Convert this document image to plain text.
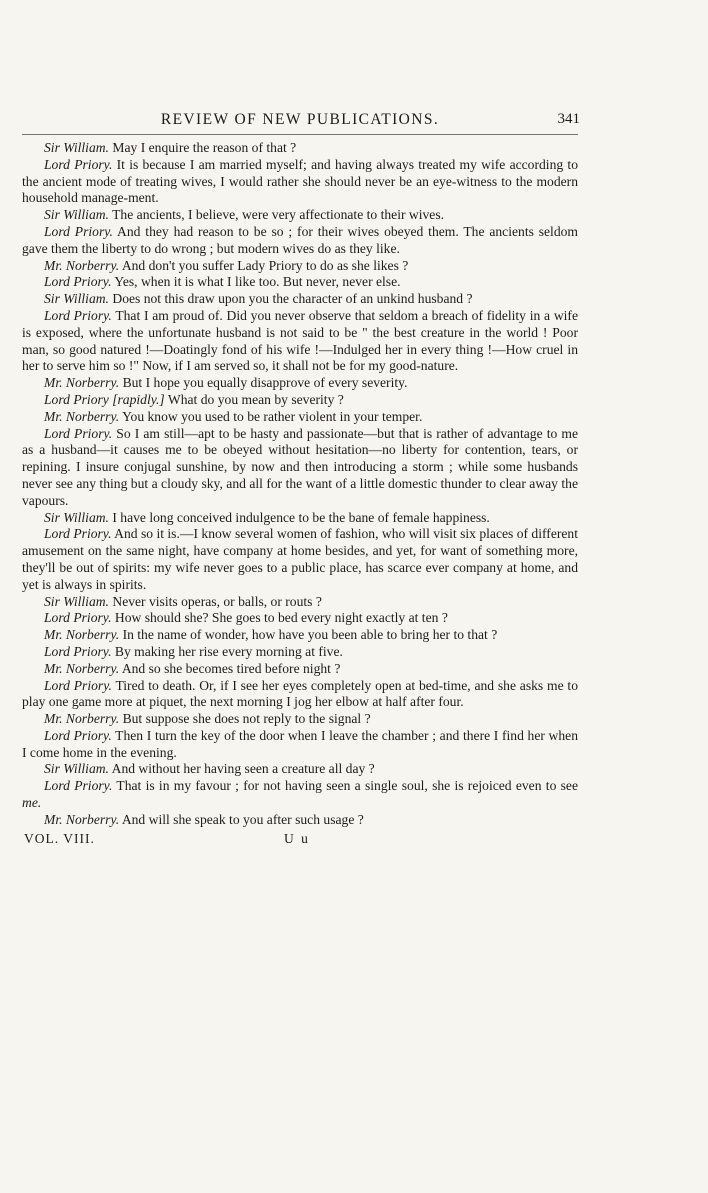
REVIEW OF NEW PUBLICATIONS.	341

Sir William. May I enquire the reason of that ?

Lord Priory. It is because I am married myself; and having always treated my wife according to the ancient mode of treating wives, I would rather she should never be an eye-witness to the modern household manage-ment.

Sir William. The ancients, I believe, were very affectionate to their wives.

Lord Priory. And they had reason to be so ; for their wives obeyed them. The ancients seldom gave them the liberty to do wrong ; but modern wives do as they like.

Mr. Norberry. And don't you suffer Lady Priory to do as she likes ?

Lord Priory. Yes, when it is what I like too. But never, never else.

Sir William. Does not this draw upon you the character of an unkind husband ?

Lord Priory. That I am proud of. Did you never observe that seldom a breach of fidelity in a wife is exposed, where the unfortunate husband is not said to be " the best creature in the world ! Poor man, so good natured !—Doatingly fond of his wife !—Indulged her in every thing !—How cruel in her to serve him so !" Now, if I am served so, it shall not be for my good-nature.

Mr. Norberry. But I hope you equally disapprove of every severity.

Lord Priory [rapidly.] What do you mean by severity ?

Mr. Norberry. You know you used to be rather violent in your temper.

Lord Priory. So I am still—apt to be hasty and passionate—but that is rather of advantage to me as a husband—it causes me to be obeyed without hesitation—no liberty for contention, tears, or repining. I insure conjugal sunshine, by now and then introducing a storm ; while some husbands never see any thing but a cloudy sky, and all for the want of a little domestic thunder to clear away the vapours.

Sir William. I have long conceived indulgence to be the bane of female happiness.

Lord Priory. And so it is.—I know several women of fashion, who will visit six places of different amusement on the same night, have company at home besides, and yet, for want of something more, they'll be out of spirits: my wife never goes to a public place, has scarce ever company at home, and yet is always in spirits.

Sir William. Never visits operas, or balls, or routs ?

Lord Priory. How should she? She goes to bed every night exactly at ten ?

Mr. Norberry. In the name of wonder, how have you been able to bring her to that ?

Lord Priory. By making her rise every morning at five.

Mr. Norberry. And so she becomes tired before night ?

Lord Priory. Tired to death. Or, if I see her eyes completely open at bed-time, and she asks me to play one game more at piquet, the next morning I jog her elbow at half after four.

Mr. Norberry. But suppose she does not reply to the signal ?

Lord Priory. Then I turn the key of the door when I leave the chamber ; and there I find her when I come home in the evening.

Sir William. And without her having seen a creature all day ?

Lord Priory. That is in my favour ; for not having seen a single soul, she is rejoiced even to see me.

Mr. Norberry. And will she speak to you after such usage ?

VOL. VIII.	U u
